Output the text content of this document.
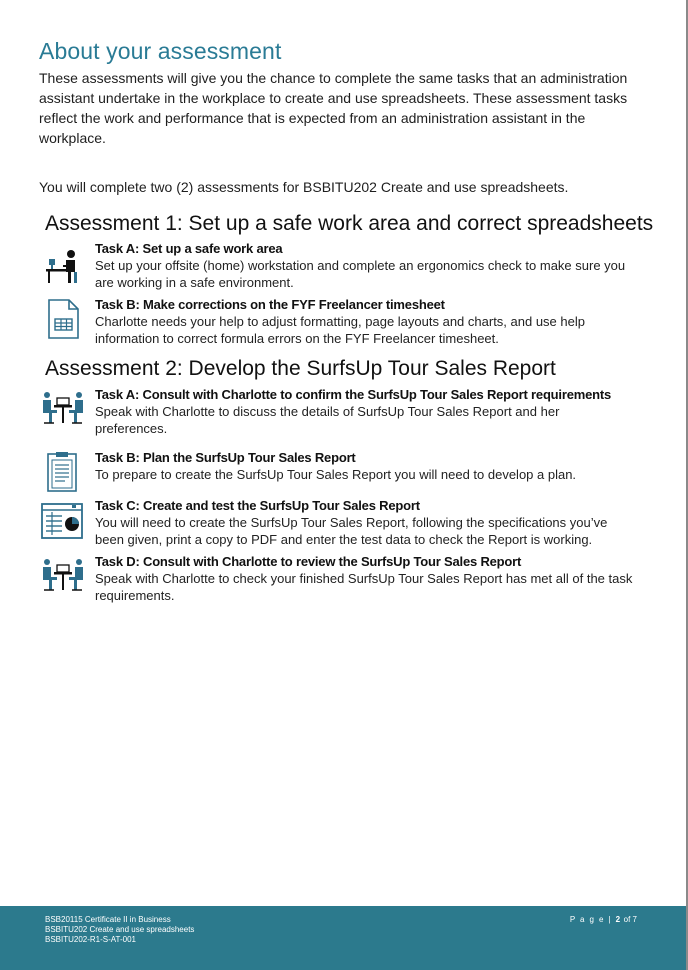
About your assessment

These assessments will give you the chance to complete the same tasks that an administration assistant undertake in the workplace to create and use spreadsheets. These assessment tasks reflect the work and performance that is expected from an administration assistant in the workplace.

You will complete two (2) assessments for BSBITU202 Create and use spreadsheets.

Assessment 1: Set up a safe work area and correct spreadsheets
Task A: Set up a safe work area
Set up your offsite (home) workstation and complete an ergonomics check to make sure you are working in a safe environment.
Task B: Make corrections on the FYF Freelancer timesheet
Charlotte needs your help to adjust formatting, page layouts and charts, and use help information to correct formula errors on the FYF Freelancer timesheet.
Assessment 2: Develop the SurfsUp Tour Sales Report
Task A: Consult with Charlotte to confirm the SurfsUp Tour Sales Report requirements
Speak with Charlotte to discuss the details of SurfsUp Tour Sales Report and her preferences.
Task B: Plan the SurfsUp Tour Sales Report
To prepare to create the SurfsUp Tour Sales Report you will need to develop a plan.
Task C: Create and test the SurfsUp Tour Sales Report
You will need to create the SurfsUp Tour Sales Report, following the specifications you’ve been given, print a copy to PDF and enter the test data to check the Report is working.
Task D: Consult with Charlotte to review the SurfsUp Tour Sales Report
Speak with Charlotte to check your finished SurfsUp Tour Sales Report has met all of the task requirements.
BSB20115 Certificate II in Business
BSBITU202 Create and use spreadsheets
BSBITU202-R1-S-AT-001
P a g e | 2 of 7
